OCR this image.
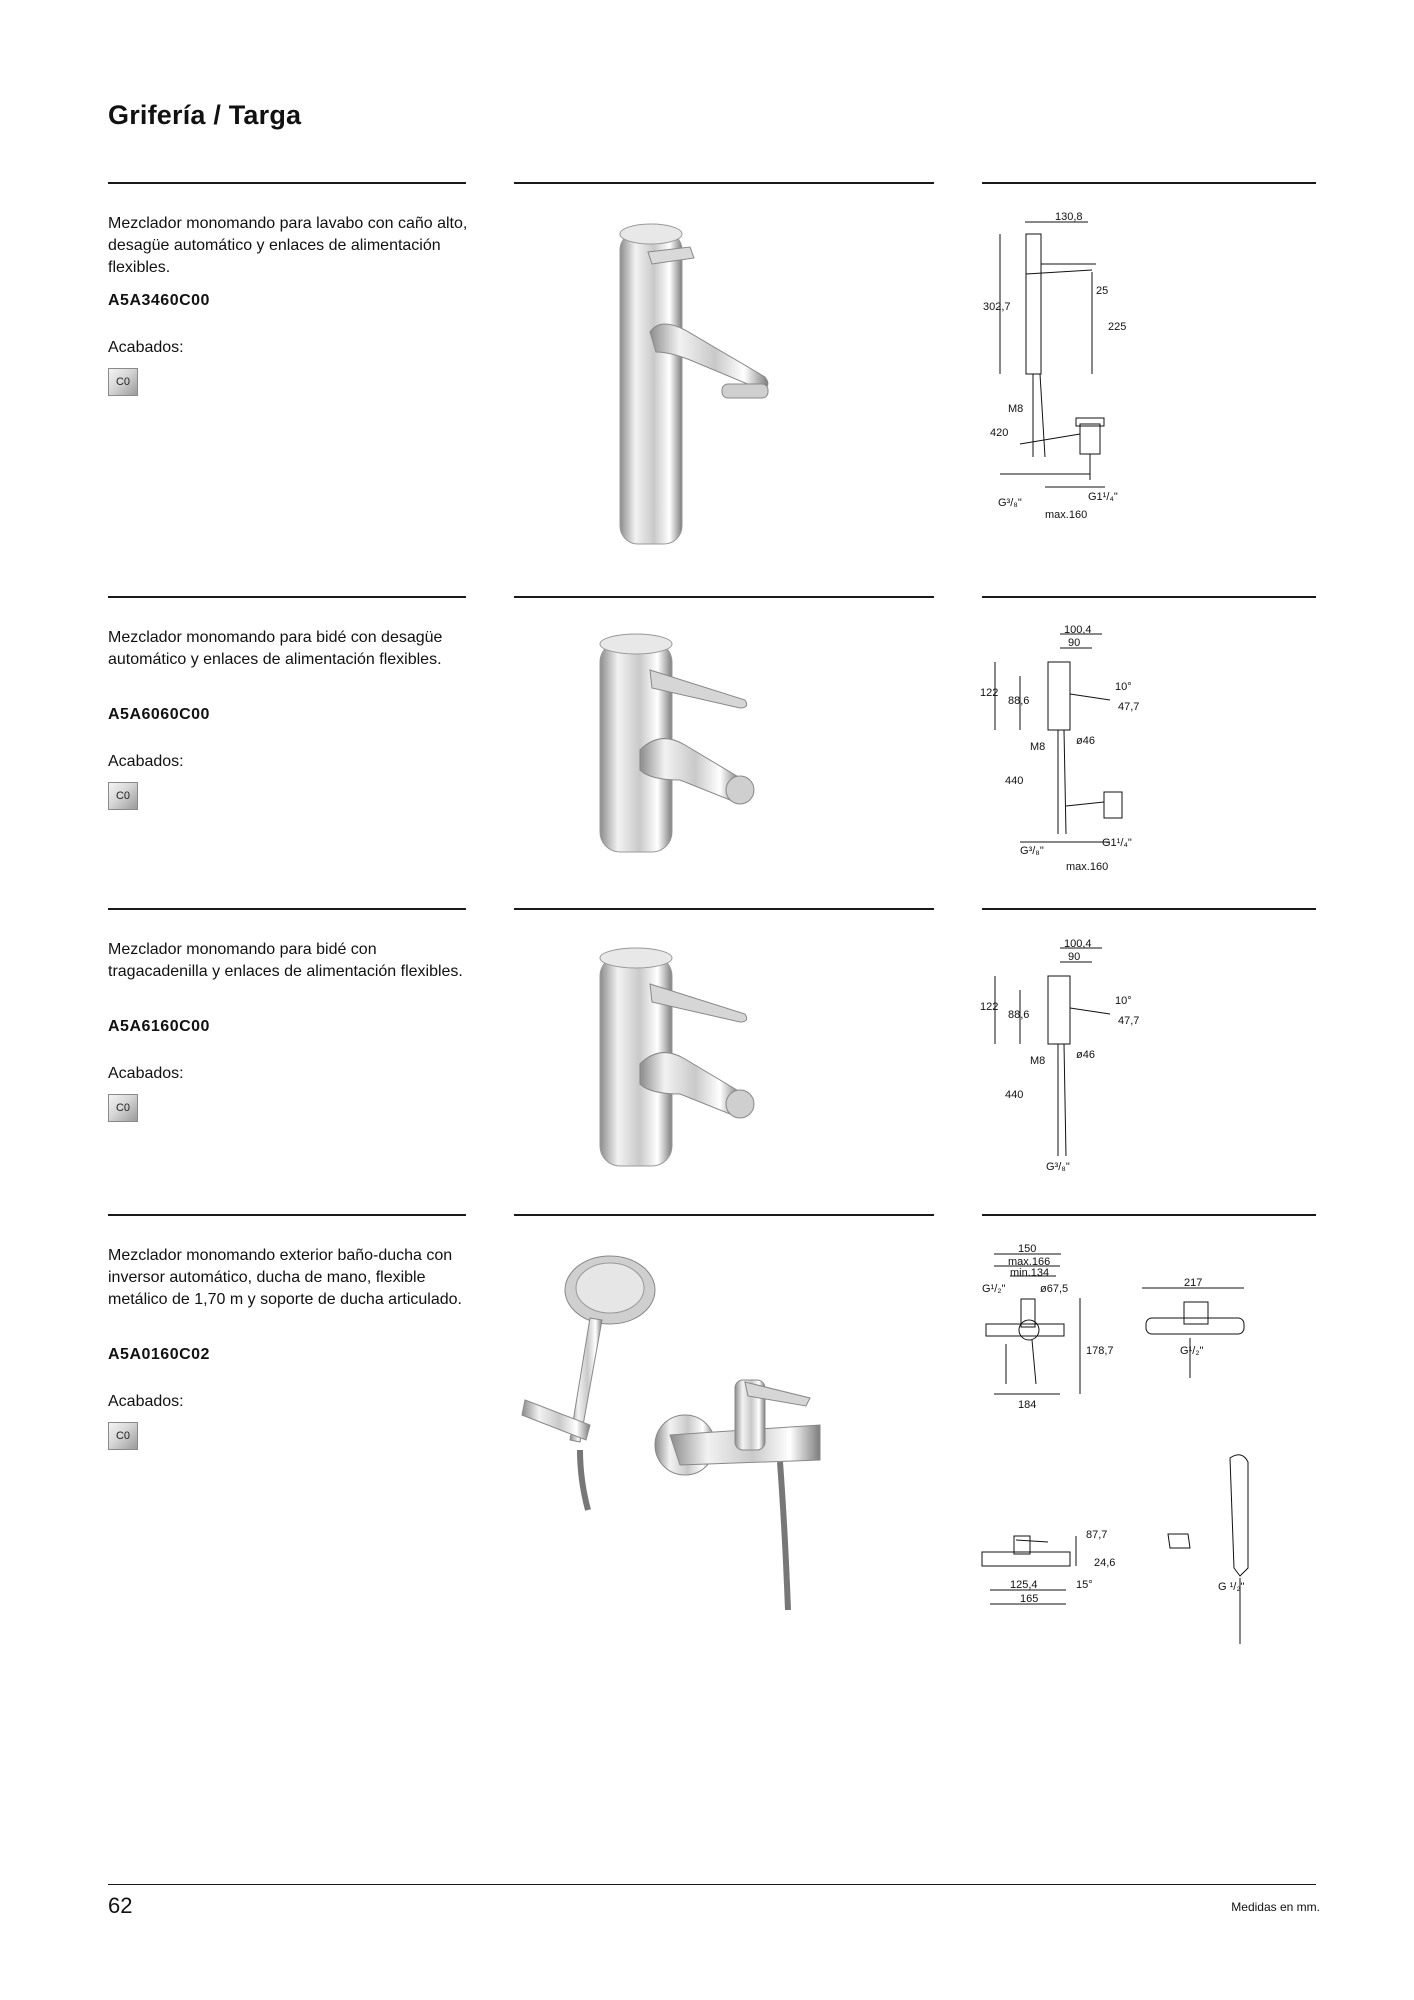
Grifería / Targa
Mezclador monomando para lavabo con caño alto, desagüe automático y enlaces de alimentación flexibles.
A5A3460C00
Acabados:
C0
130,8
302,7
25
225
M8
420
G1¹/₄"
G³/₈"
max.160
Mezclador monomando para bidé con desagüe automático y enlaces de alimentación flexibles.
A5A6060C00
Acabados:
C0
100,4
90
122
88,6
10°
47,7
M8	ø46
440
G1¹/₄"
G³/₈"
max.160
Mezclador monomando para bidé con tragacadenilla y enlaces de alimentación flexibles.
A5A6160C00
Acabados:
C0
100,4
90
122
88,6
10°
47,7
M8	ø46
440
G³/₈"
Mezclador monomando exterior baño-ducha con inversor automático, ducha de mano, flexible metálico de 1,70 m y soporte de ducha articulado.
A5A0160C02
Acabados:
C0
150
max.166
min.134
G¹/₂"	ø67,5
178,7
184
217
G¹/₂"
87,7
24,6
125,4	15°
165
G ¹/₂"
62	Medidas en mm.
